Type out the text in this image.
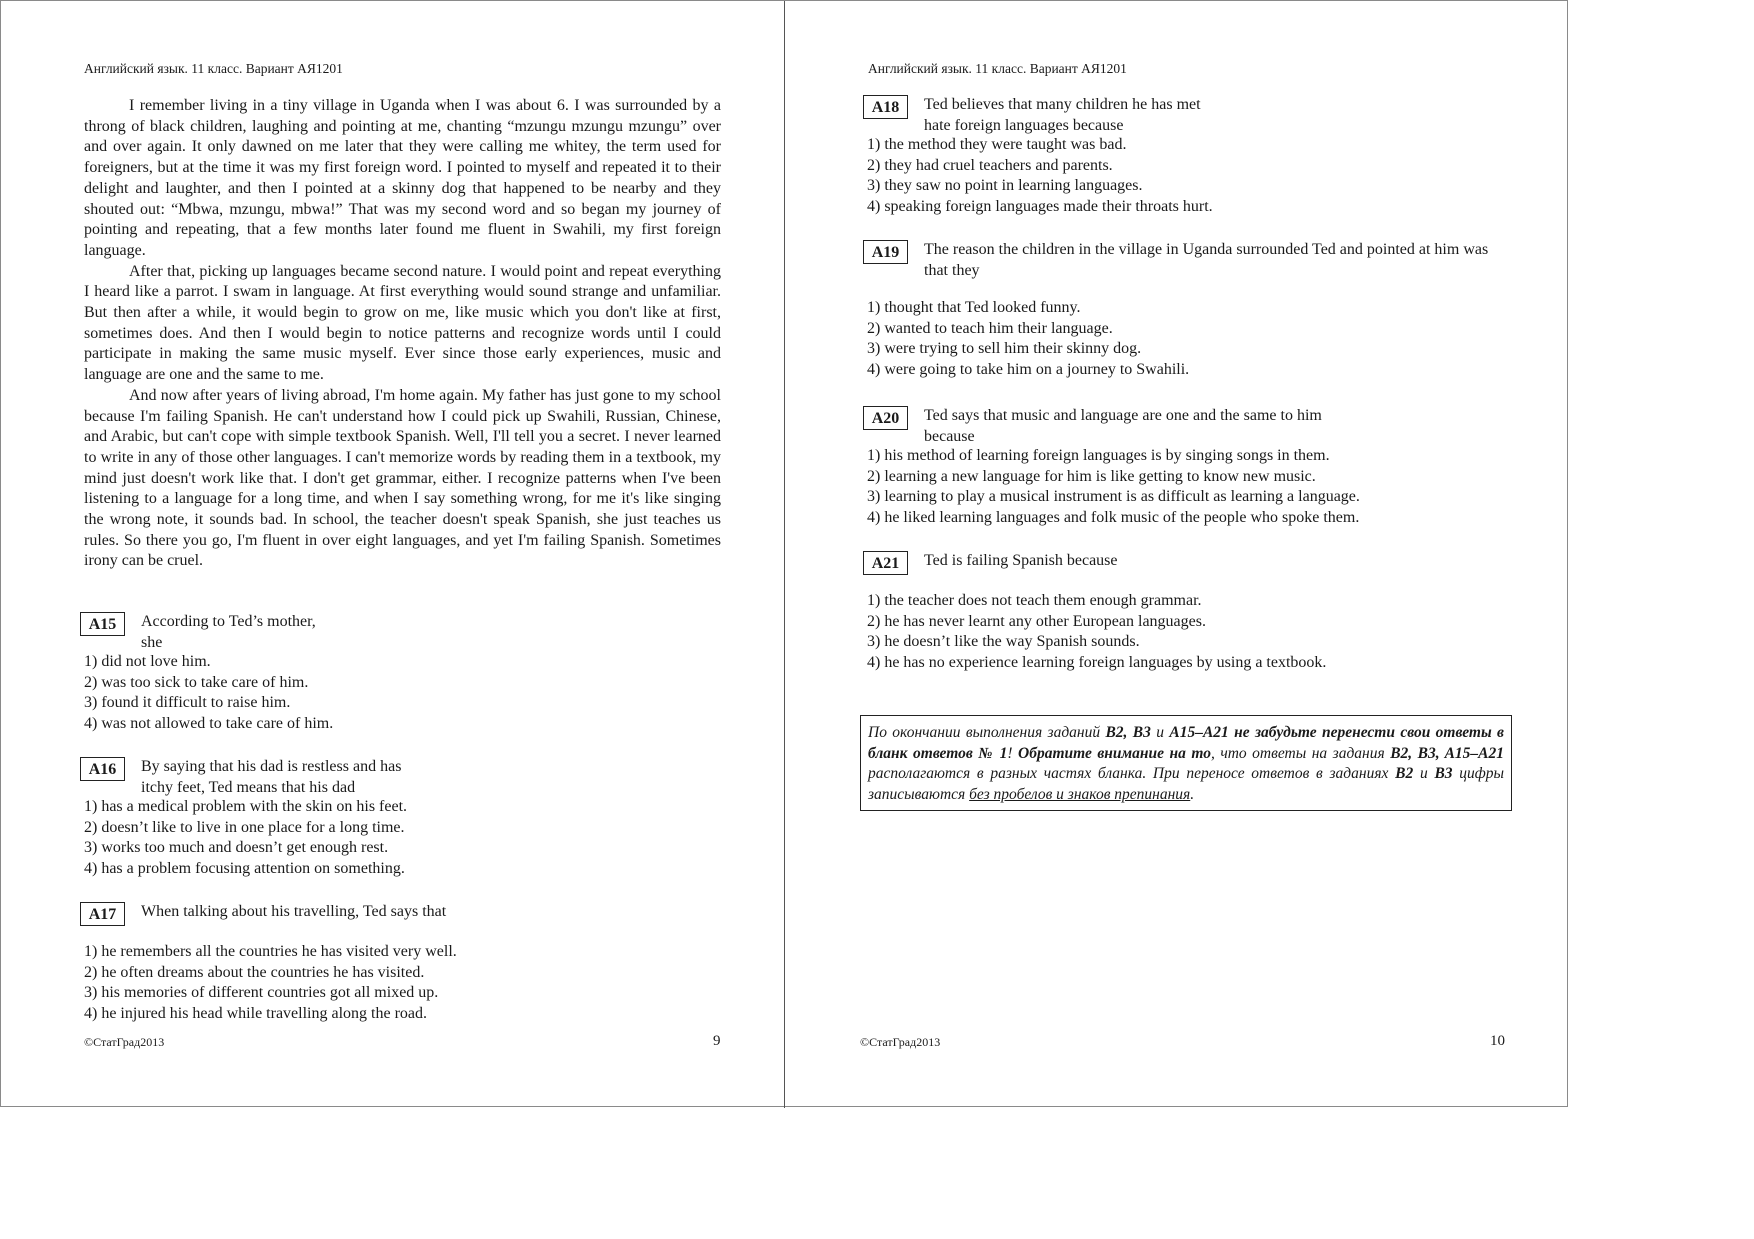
Английский язык. 11 класс. Вариант АЯ1201

I remember living in a tiny village in Uganda when I was about 6. I was surrounded by a throng of black children, laughing and pointing at me, chanting “mzungu mzungu mzungu” over and over again. It only dawned on me later that they were calling me whitey, the term used for foreigners, but at the time it was my first foreign word. I pointed to myself and repeated it to their delight and laughter, and then I pointed at a skinny dog that happened to be nearby and they shouted out: “Mbwa, mzungu, mbwa!” That was my second word and so began my journey of pointing and repeating, that a few months later found me fluent in Swahili, my first foreign language.

After that, picking up languages became second nature. I would point and repeat everything I heard like a parrot. I swam in language. At first everything would sound strange and unfamiliar. But then after a while, it would begin to grow on me, like music which you don't like at first, sometimes does. And then I would begin to notice patterns and recognize words until I could participate in making the same music myself. Ever since those early experiences, music and language are one and the same to me.

And now after years of living abroad, I'm home again. My father has just gone to my school because I'm failing Spanish. He can't understand how I could pick up Swahili, Russian, Chinese, and Arabic, but can't cope with simple textbook Spanish. Well, I'll tell you a secret. I never learned to write in any of those other languages. I can't memorize words by reading them in a textbook, my mind just doesn't work like that. I don't get grammar, either. I recognize patterns when I've been listening to a language for a long time, and when I say something wrong, for me it's like singing the wrong note, it sounds bad. In school, the teacher doesn't speak Spanish, she just teaches us rules. So there you go, I'm fluent in over eight languages, and yet I'm failing Spanish. Sometimes irony can be cruel.

A15	According to Ted’s mother, she
1) did not love him.
2) was too sick to take care of him.
3) found it difficult to raise him.
4) was not allowed to take care of him.
A16	By saying that his dad is restless and has itchy feet, Ted means that his dad
1) has a medical problem with the skin on his feet.
2) doesn’t like to live in one place for a long time.
3) works too much and doesn’t get enough rest.
4) has a problem focusing attention on something.
A17	When talking about his travelling, Ted says that
1) he remembers all the countries he has visited very well.
2) he often dreams about the countries he has visited.
3) his memories of different countries got all mixed up.
4) he injured his head while travelling along the road.
©СтатГрад2013	9
Английский язык. 11 класс. Вариант АЯ1201
A18	Ted believes that many children he has met hate foreign languages because
1) the method they were taught was bad.
2) they had cruel teachers and parents.
3) they saw no point in learning languages.
4) speaking foreign languages made their throats hurt.
A19	The reason the children in the village in Uganda surrounded Ted and pointed at him was that they
1) thought that Ted looked funny.
2) wanted to teach him their language.
3) were trying to sell him their skinny dog.
4) were going to take him on a journey to Swahili.
A20	Ted says that music and language are one and the same to him because
1) his method of learning foreign languages is by singing songs in them.
2) learning a new language for him is like getting to know new music.
3) learning to play a musical instrument is as difficult as learning a language.
4) he liked learning languages and folk music of the people who spoke them.
A21	Ted is failing Spanish because
1) the teacher does not teach them enough grammar.
2) he has never learnt any other European languages.
3) he doesn’t like the way Spanish sounds.
4) he has no experience learning foreign languages by using a textbook.
По окончании выполнения заданий B2, B3 и A15–A21 не забудьте перенести свои ответы в бланк ответов № 1! Обратите внимание на то, что ответы на задания B2, B3, A15–A21 располагаются в разных частях бланка. При переносе ответов в заданиях B2 и B3 цифры записываются без пробелов и знаков препинания.
©СтатГрад2013	10
